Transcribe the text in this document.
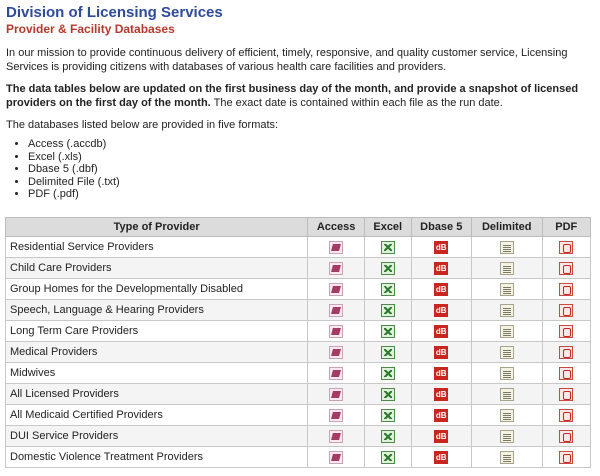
Division of Licensing Services
Provider & Facility Databases

In our mission to provide continuous delivery of efficient, timely, responsive, and quality customer service, Licensing Services is providing citizens with databases of various health care facilities and providers.

The data tables below are updated on the first business day of the month, and provide a snapshot of licensed providers on the first day of the month. The exact date is contained within each file as the run date.

The databases listed below are provided in five formats:

• Access (.accdb)
• Excel (.xls)
• Dbase 5 (.dbf)
• Delimited File (.txt)
• PDF (.pdf)
Type of Provider	Access	Excel	Dbase 5	Delimited	PDF
Residential Service Providers			dB		
Child Care Providers			dB		
Group Homes for the Developmentally Disabled			dB		
Speech, Language & Hearing Providers			dB		
Long Term Care Providers			dB		
Medical Providers			dB		
Midwives			dB		
All Licensed Providers			dB		
All Medicaid Certified Providers			dB		
DUI Service Providers			dB		
Domestic Violence Treatment Providers			dB		
